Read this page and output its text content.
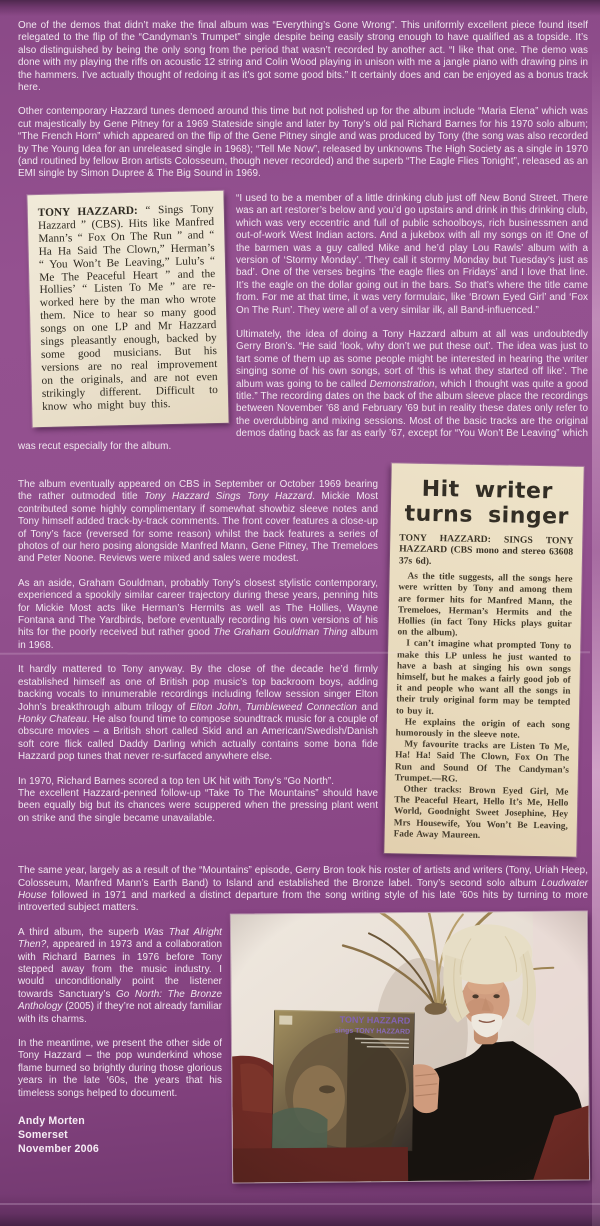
One of the demos that didn’t make the final album was “Everything’s Gone Wrong”. This uniformly excellent piece found itself relegated to the flip of the “Candyman’s Trumpet” single despite being easily strong enough to have qualified as a topside. It’s also distinguished by being the only song from the period that wasn’t recorded by another act. “I like that one. The demo was done with my playing the riffs on acoustic 12 string and Colin Wood playing in unison with me a jangle piano with drawing pins in the hammers. I’ve actually thought of redoing it as it’s got some good bits.” It certainly does and can be enjoyed as a bonus track here.

Other contemporary Hazzard tunes demoed around this time but not polished up for the album include “Maria Elena” which was cut majestically by Gene Pitney for a 1969 Stateside single and later by Tony’s old pal Richard Barnes for his 1970 solo album; “The French Horn” which appeared on the flip of the Gene Pitney single and was produced by Tony (the song was also recorded by The Young Idea for an unreleased single in 1968); “Tell Me Now”, released by unknowns The High Society as a single in 1970 (and routined by fellow Bron artists Colosseum, though never recorded) and the superb “The Eagle Flies Tonight”, released as an EMI single by Simon Dupree & The Big Sound in 1969.

TONY HAZZARD: “ Sings Tony Hazzard ” (CBS). Hits like Manfred Mann’s “ Fox On The Run ” and “ Ha Ha Said The Clown,” Herman’s “ You Won’t Be Leaving,” Lulu’s “ Me The Peaceful Heart ” and the Hollies’ “ Listen To Me ” are re-worked here by the man who wrote them. Nice to hear so many good songs on one LP and Mr Hazzard sings pleasantly enough, backed by some good musicians. But his versions are no real improvement on the originals, and are not even strikingly different. Difficult to know who might buy this.

“I used to be a member of a little drinking club just off New Bond Street. There was an art restorer’s below and you’d go upstairs and drink in this drinking club, which was very eccentric and full of public schoolboys, rich businessmen and out-of-work West Indian actors. And a jukebox with all my songs on it! One of the barmen was a guy called Mike and he’d play Lou Rawls’ album with a version of ‘Stormy Monday’. ‘They call it stormy Monday but Tuesday’s just as bad’. One of the verses begins ‘the eagle flies on Fridays’ and I love that line. It’s the eagle on the dollar going out in the bars. So that’s where the title came from. For me at that time, it was very formulaic, like ‘Brown Eyed Girl’ and ‘Fox On The Run’. They were all of a very similar ilk, all Band-influenced.”

Ultimately, the idea of doing a Tony Hazzard album at all was undoubtedly Gerry Bron’s. “He said ‘look, why don’t we put these out’. The idea was just to tart some of them up as some people might be interested in hearing the writer singing some of his own songs, sort of ‘this is what they started off like’. The album was going to be called Demonstration, which I thought was quite a good title.” The recording dates on the back of the album sleeve place the recordings between November ’68 and February ’69 but in reality these dates only refer to the overdubbing and mixing sessions. Most of the basic tracks are the original demos dating back as far as early ’67, except for “You Won’t Be Leaving” which was recut especially for the album.

Hit writer
turns singer

TONY HAZZARD: SINGS TONY HAZZARD (CBS mono and stereo 63608 37s 6d).

As the title suggests, all the songs here were written by Tony and among them are former hits for Manfred Mann, the Tremeloes, Herman’s Hermits and the Hollies (in fact Tony Hicks plays guitar on the album).

I can’t imagine what prompted Tony to make this LP unless he just wanted to have a bash at singing his own songs himself, but he makes a fairly good job of it and people who want all the songs in their truly original form may be tempted to buy it.

He explains the origin of each song humorously in the sleeve note.

My favourite tracks are Listen To Me, Ha! Ha! Said The Clown, Fox On The Run and Sound Of The Candyman’s Trumpet.—RG.

Other tracks: Brown Eyed Girl, Me The Peaceful Heart, Hello It’s Me, Hello World, Goodnight Sweet Josephine, Hey Mrs Housewife, You Won’t Be Leaving, Fade Away Maureen.

The album eventually appeared on CBS in September or October 1969 bearing the rather outmoded title Tony Hazzard Sings Tony Hazzard. Mickie Most contributed some highly complimentary if somewhat showbiz sleeve notes and Tony himself added track-by-track comments. The front cover features a close-up of Tony’s face (reversed for some reason) whilst the back features a series of photos of our hero posing alongside Manfred Mann, Gene Pitney, The Tremeloes and Peter Noone. Reviews were mixed and sales were modest.

As an aside, Graham Gouldman, probably Tony’s closest stylistic contemporary, experienced a spookily similar career trajectory during these years, penning hits for Mickie Most acts like Herman’s Hermits as well as The Hollies, Wayne Fontana and The Yardbirds, before eventually recording his own versions of his hits for the poorly received but rather good The Graham Gouldman Thing album in 1968.

It hardly mattered to Tony anyway. By the close of the decade he’d firmly established himself as one of British pop music’s top backroom boys, adding backing vocals to innumerable recordings including fellow session singer Elton John’s breakthrough album trilogy of Elton John, Tumbleweed Connection and Honky Chateau. He also found time to compose soundtrack music for a couple of obscure movies – a British short called Skid and an American/Swedish/Danish soft core flick called Daddy Darling which actually contains some bona fide Hazzard pop tunes that never re-surfaced anywhere else.

In 1970, Richard Barnes scored a top ten UK hit with Tony’s “Go North”.
The excellent Hazzard-penned follow-up “Take To The Mountains” should have been equally big but its chances were scuppered when the pressing plant went on strike and the single became unavailable.

The same year, largely as a result of the “Mountains” episode, Gerry Bron took his roster of artists and writers (Tony, Uriah Heep, Colosseum, Manfred Mann’s Earth Band) to Island and established the Bronze label. Tony’s second solo album Loudwater House followed in 1971 and marked a distinct departure from the song writing style of his late ’60s hits by turning to more introverted subject matters.

A third album, the superb Was That Alright Then?, appeared in 1973 and a collaboration with Richard Barnes in 1976 before Tony stepped away from the music industry. I would unconditionally point the listener towards Sanctuary’s Go North: The Bronze Anthology (2005) if they’re not already familiar with its charms.

In the meantime, we present the other side of Tony Hazzard – the pop wunderkind whose flame burned so brightly during those glorious years in the late ‘60s, the years that his timeless songs helped to document.

Andy Morten
Somerset
November 2006
